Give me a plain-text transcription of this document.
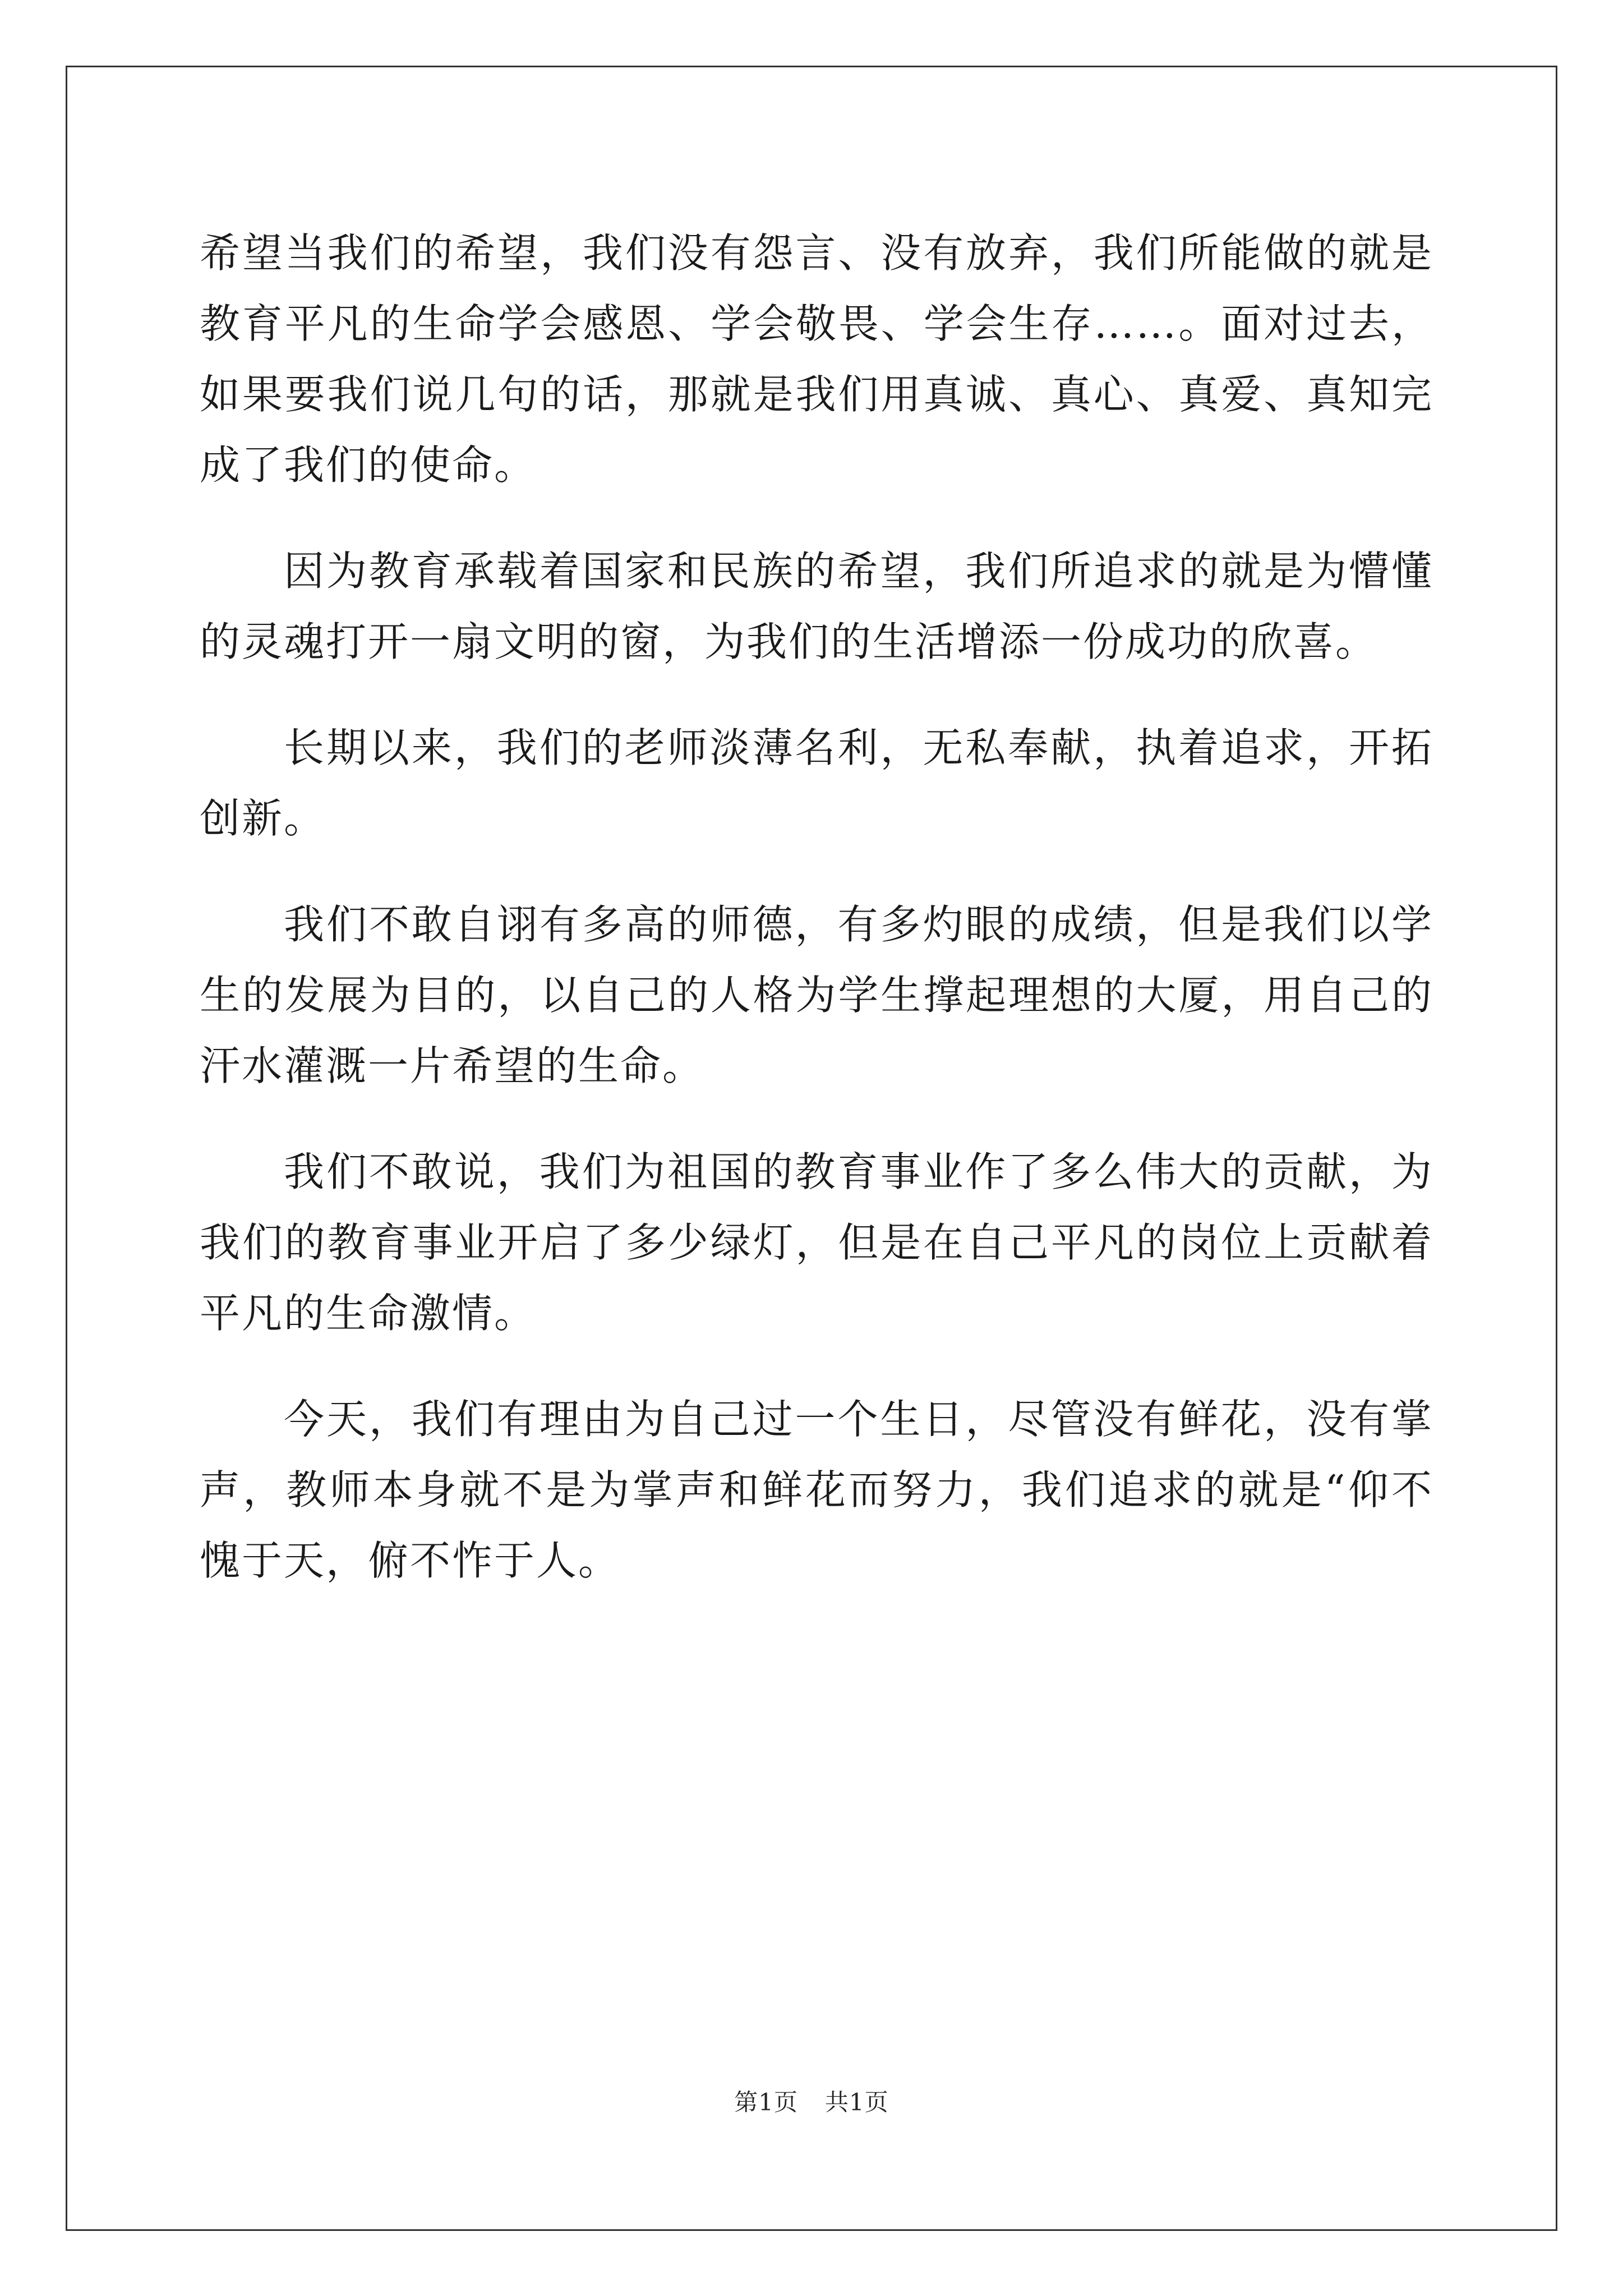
希望当我们的希望，我们没有怨言、没有放弃，我们所能做的就是教育平凡的生命学会感恩、学会敬畏、学会生存……。面对过去，如果要我们说几句的话，那就是我们用真诚、真心、真爱、真知完成了我们的使命。

因为教育承载着国家和民族的希望，我们所追求的就是为懵懂的灵魂打开一扇文明的窗，为我们的生活增添一份成功的欣喜。

长期以来，我们的老师淡薄名利，无私奉献，执着追求，开拓创新。

我们不敢自诩有多高的师德，有多灼眼的成绩，但是我们以学生的发展为目的，以自己的人格为学生撑起理想的大厦，用自己的汗水灌溉一片希望的生命。

我们不敢说，我们为祖国的教育事业作了多么伟大的贡献，为我们的教育事业开启了多少绿灯，但是在自己平凡的岗位上贡献着平凡的生命激情。

今天，我们有理由为自己过一个生日，尽管没有鲜花，没有掌声，教师本身就不是为掌声和鲜花而努力，我们追求的就是“仰不愧于天，俯不怍于人。

第1页 共1页
